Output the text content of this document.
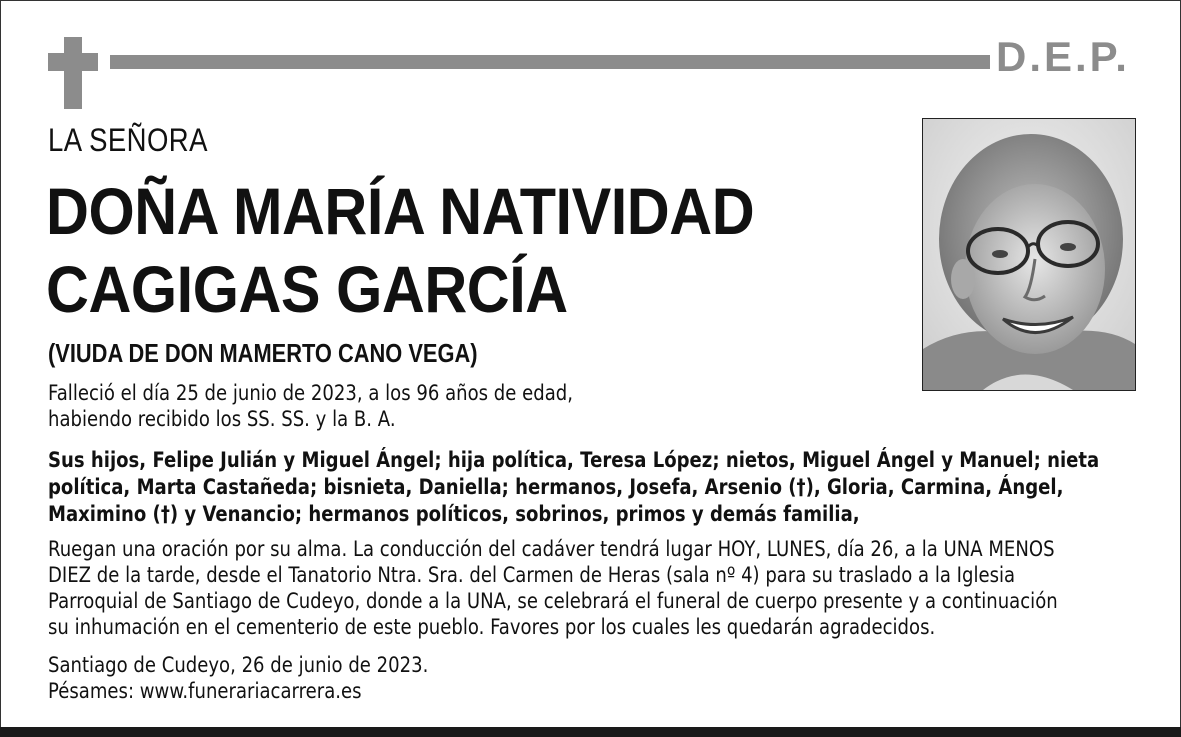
D.E.P.
LA SEÑORA
DOÑA MARÍA NATIVIDAD
CAGIGAS GARCÍA
(VIUDA DE DON MAMERTO CANO VEGA)
Falleció el día 25 de junio de 2023, a los 96 años de edad,
habiendo recibido los SS. SS. y la B. A.
Sus hijos, Felipe Julián y Miguel Ángel; hija política, Teresa López; nietos, Miguel Ángel y Manuel; nieta
política, Marta Castañeda; bisnieta, Daniella; hermanos, Josefa, Arsenio (†), Gloria, Carmina, Ángel,
Maximino (†) y Venancio; hermanos políticos, sobrinos, primos y demás familia,
Ruegan una oración por su alma. La conducción del cadáver tendrá lugar HOY, LUNES, día 26, a la UNA MENOS
DIEZ de la tarde, desde el Tanatorio Ntra. Sra. del Carmen de Heras (sala nº 4) para su traslado a la Iglesia
Parroquial de Santiago de Cudeyo, donde a la UNA, se celebrará el funeral de cuerpo presente y a continuación
su inhumación en el cementerio de este pueblo. Favores por los cuales les quedarán agradecidos.
Santiago de Cudeyo, 26 de junio de 2023.
Pésames: www.funerariacarrera.es
